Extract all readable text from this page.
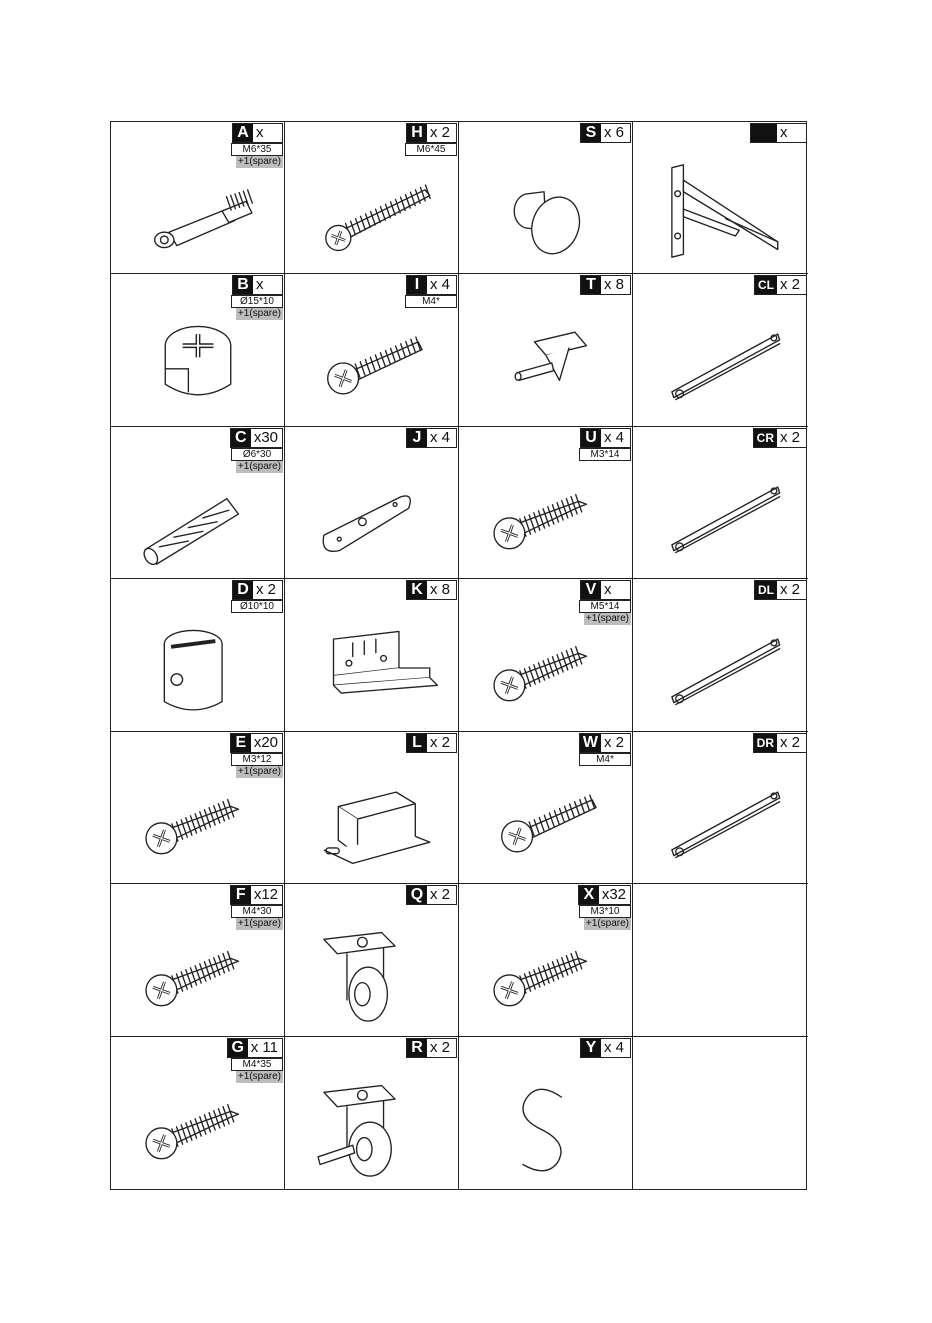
A x
M6*35
+1(spare)
H x 2
M6*45
S x 6	x
B x
Ø15*10
+1(spare)
I x 4
M4*
T x 8	CL x 2
C x30
Ø6*30
+1(spare)
J x 4	U x 4
M3*14
CR x 2
D x 2
Ø10*10
K x 8	V x
M5*14
+1(spare)
DL x 2
E x20
M3*12
+1(spare)
L x 2	W x 2
M4*
DR x 2
F x12
M4*30
+1(spare)
Q x 2	X x32
M3*10
+1(spare)
G x 11
M4*35
+1(spare)
R x 2	Y x 4
